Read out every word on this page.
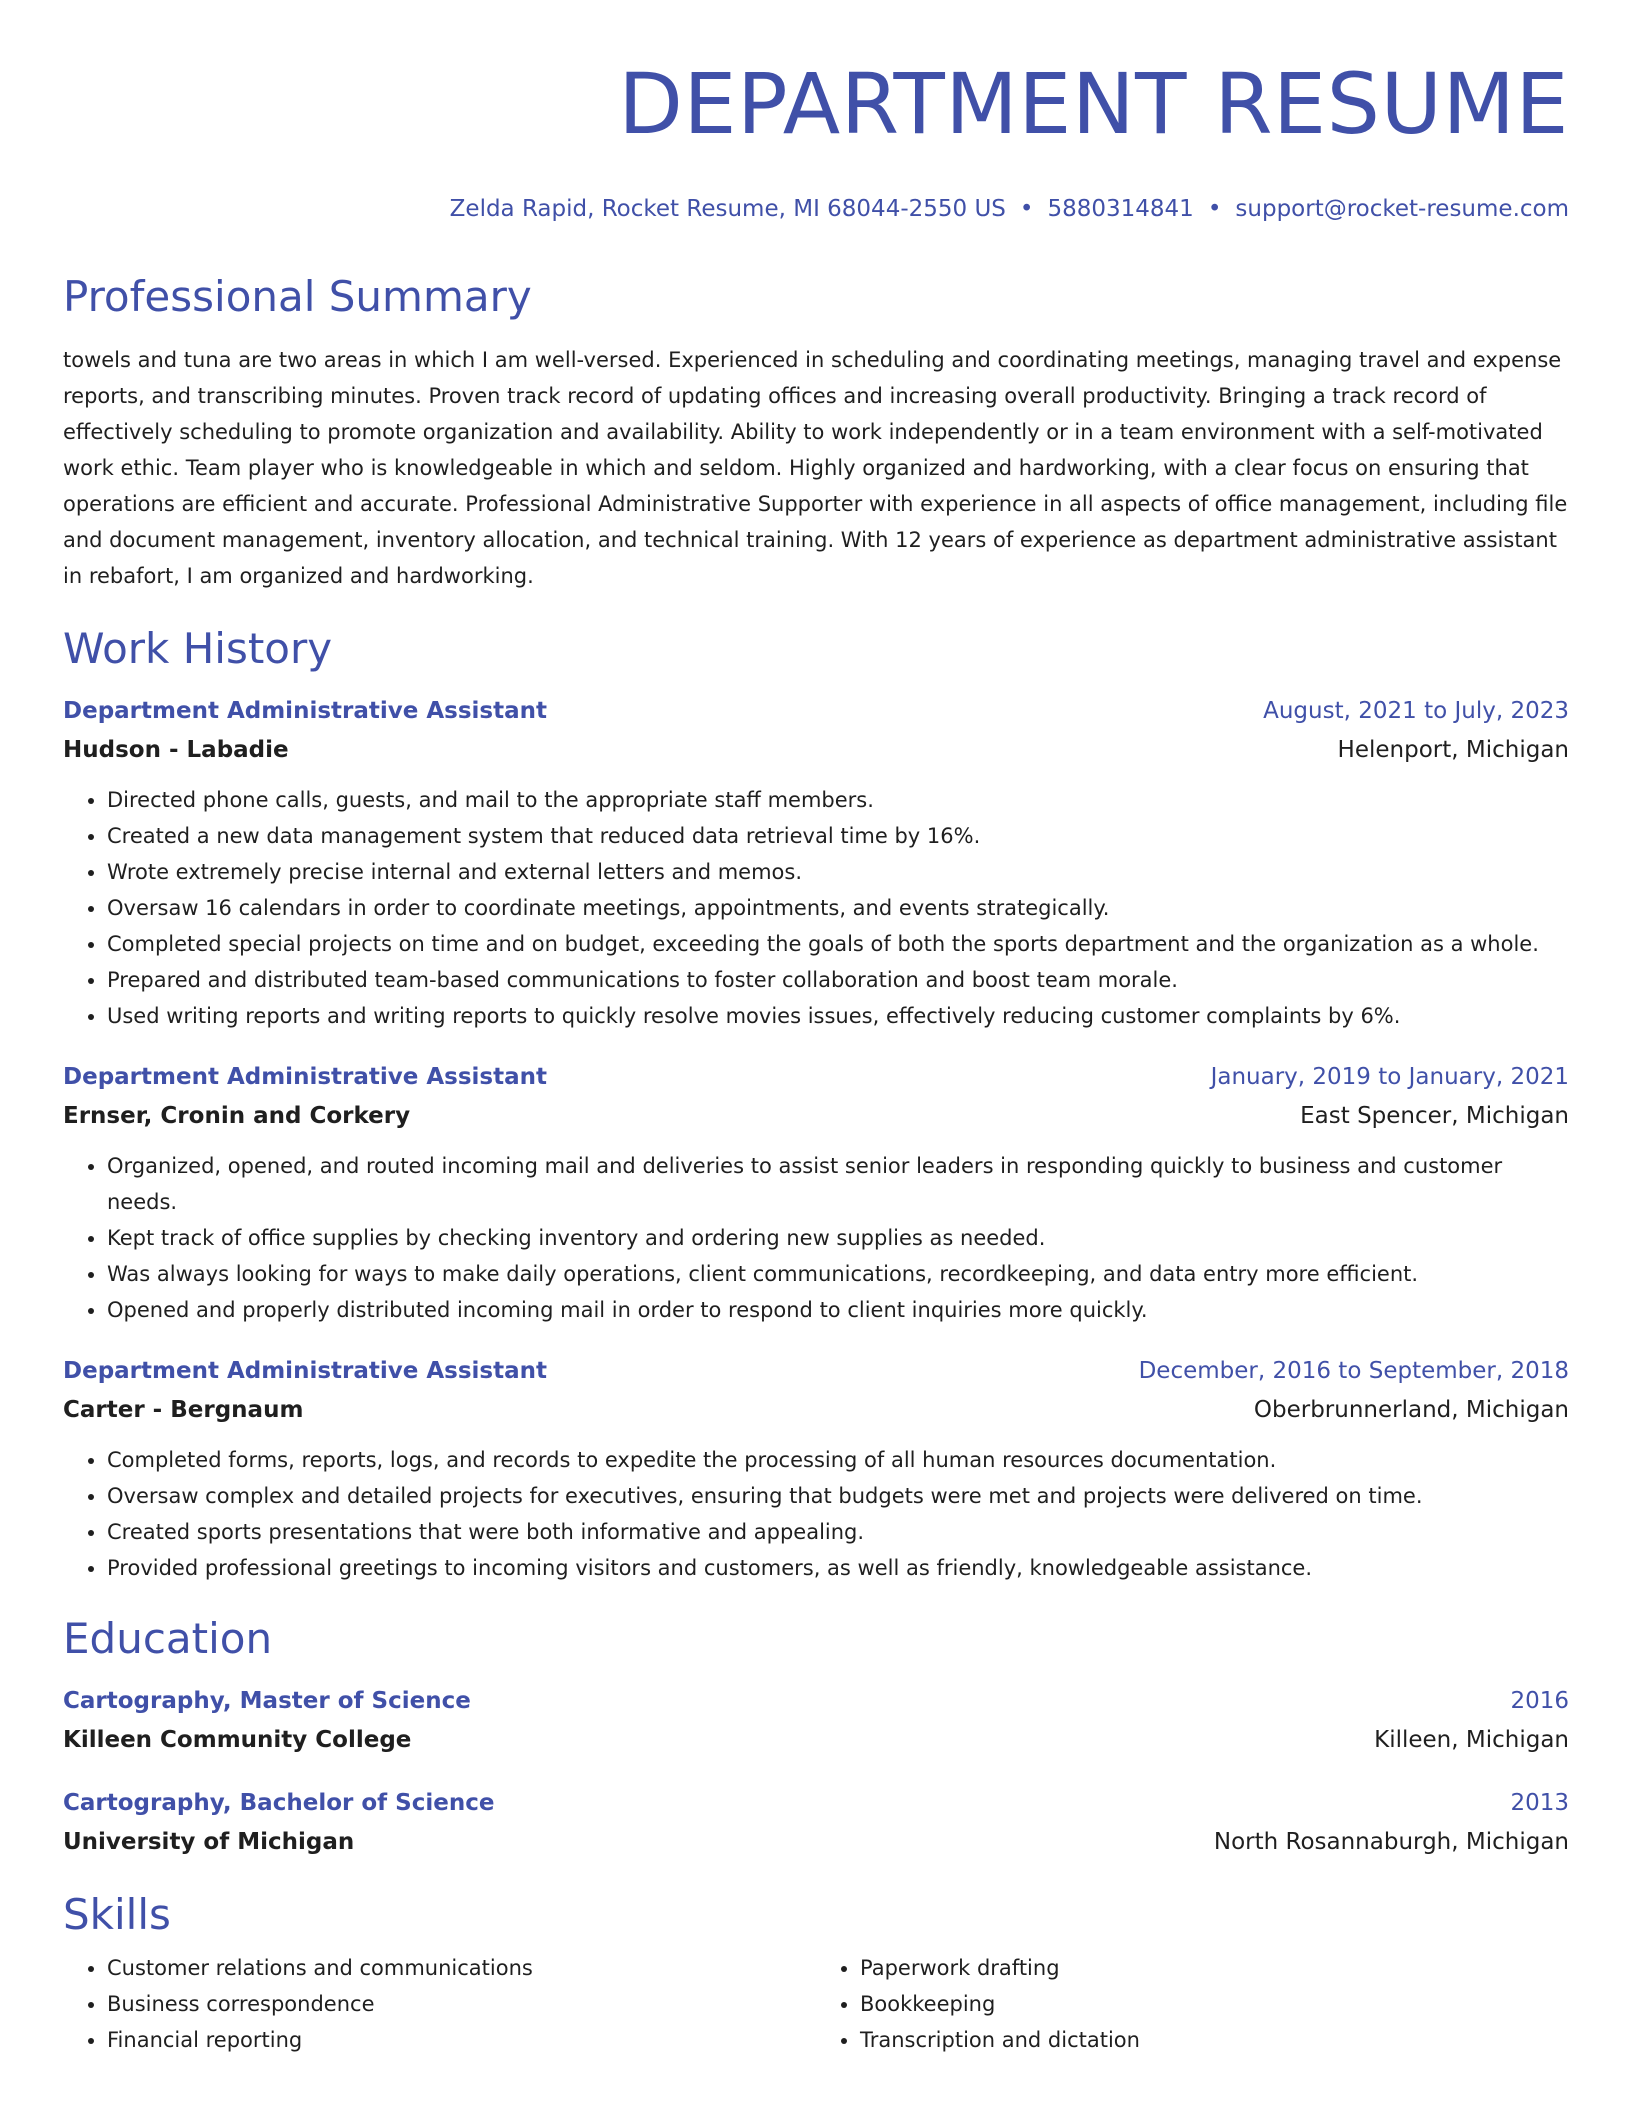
DEPARTMENT RESUME
Zelda Rapid, Rocket Resume, MI 68044-2550 US • 5880314841 • support@rocket-resume.com
Professional Summary

towels and tuna are two areas in which I am well-versed. Experienced in scheduling and coordinating meetings, managing travel and expense reports, and transcribing minutes. Proven track record of updating offices and increasing overall productivity. Bringing a track record of effectively scheduling to promote organization and availability. Ability to work independently or in a team environment with a self-motivated work ethic. Team player who is knowledgeable in which and seldom. Highly organized and hardworking, with a clear focus on ensuring that operations are efficient and accurate. Professional Administrative Supporter with experience in all aspects of office management, including file and document management, inventory allocation, and technical training. With 12 years of experience as department administrative assistant in rebafort, I am organized and hardworking.

Work History
Department Administrative Assistant	August, 2021 to July, 2023
Hudson - Labadie	Helenport, Michigan
• Directed phone calls, guests, and mail to the appropriate staff members.
• Created a new data management system that reduced data retrieval time by 16%.
• Wrote extremely precise internal and external letters and memos.
• Oversaw 16 calendars in order to coordinate meetings, appointments, and events strategically.
• Completed special projects on time and on budget, exceeding the goals of both the sports department and the organization as a whole.
• Prepared and distributed team-based communications to foster collaboration and boost team morale.
• Used writing reports and writing reports to quickly resolve movies issues, effectively reducing customer complaints by 6%.
Department Administrative Assistant	January, 2019 to January, 2021
Ernser, Cronin and Corkery	East Spencer, Michigan
• Organized, opened, and routed incoming mail and deliveries to assist senior leaders in responding quickly to business and customer needs.
• Kept track of office supplies by checking inventory and ordering new supplies as needed.
• Was always looking for ways to make daily operations, client communications, recordkeeping, and data entry more efficient.
• Opened and properly distributed incoming mail in order to respond to client inquiries more quickly.
Department Administrative Assistant	December, 2016 to September, 2018
Carter - Bergnaum	Oberbrunnerland, Michigan
• Completed forms, reports, logs, and records to expedite the processing of all human resources documentation.
• Oversaw complex and detailed projects for executives, ensuring that budgets were met and projects were delivered on time.
• Created sports presentations that were both informative and appealing.
• Provided professional greetings to incoming visitors and customers, as well as friendly, knowledgeable assistance.
Education
Cartography, Master of Science	2016
Killeen Community College	Killeen, Michigan
Cartography, Bachelor of Science	2013
University of Michigan	North Rosannaburgh, Michigan
Skills
• Customer relations and communications
• Business correspondence
• Financial reporting
• Paperwork drafting
• Bookkeeping
• Transcription and dictation
